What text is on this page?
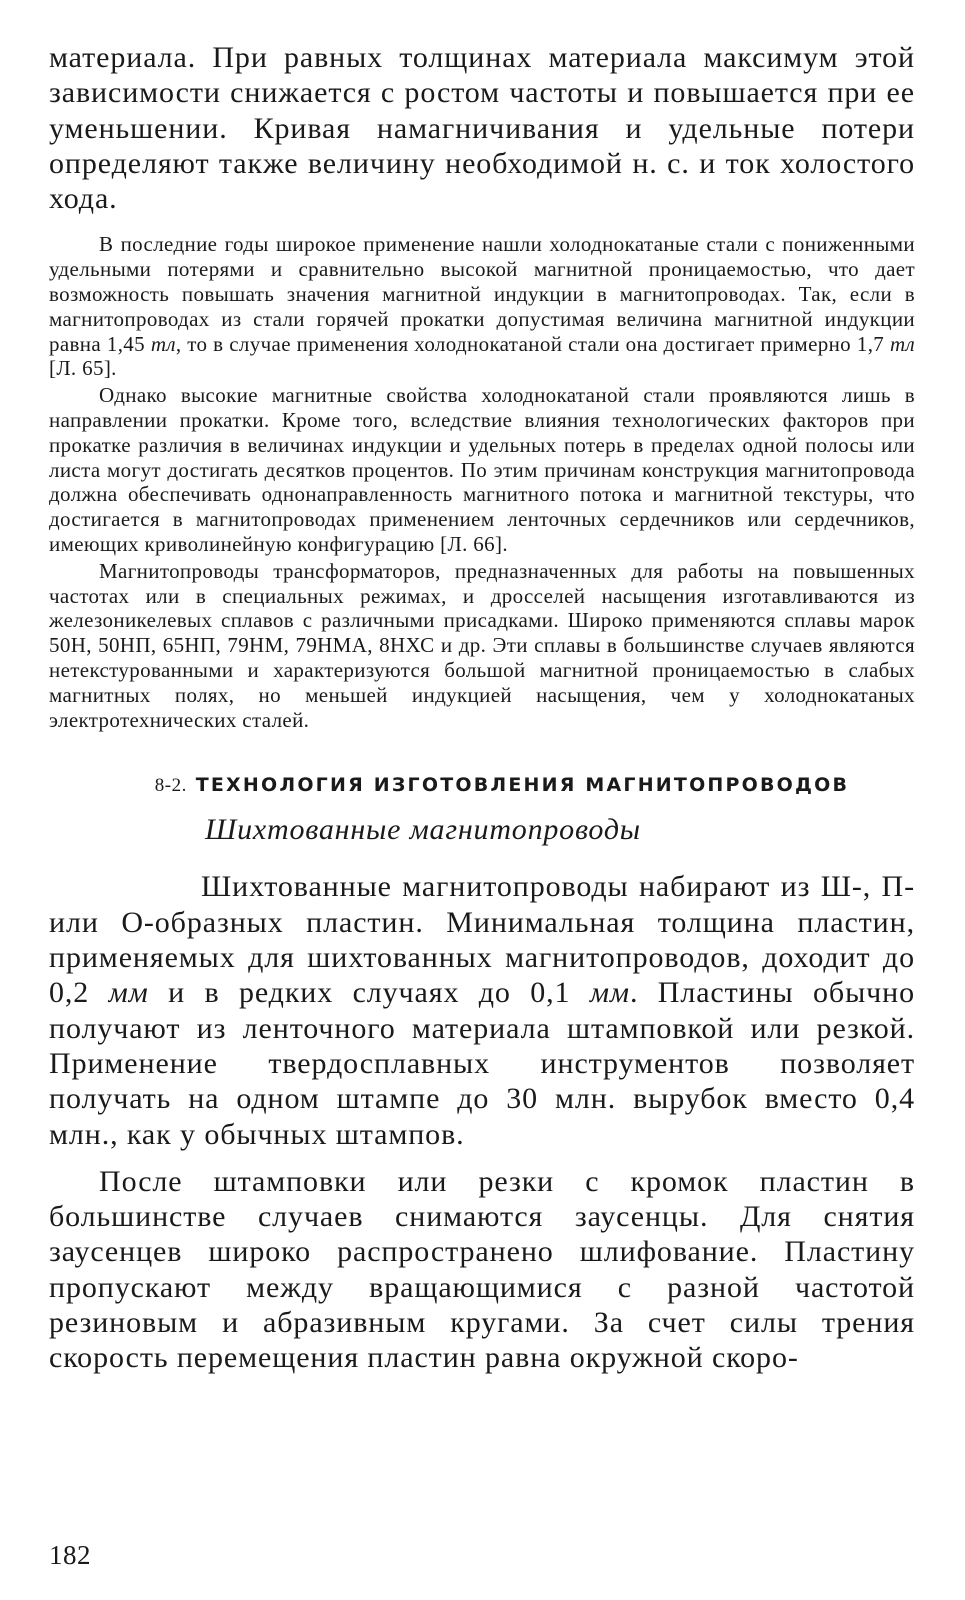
материала. При равных толщинах материала максимум этой зависимости снижается с ростом частоты и повышается при ее уменьшении. Кривая намагничивания и удельные потери определяют также величину необходимой н. с. и ток холостого хода.

В последние годы широкое применение нашли холоднокатаные стали с пониженными удельными потерями и сравнительно высокой магнитной проницаемостью, что дает возможность повышать значения магнитной индукции в магнитопроводах. Так, если в магнитопроводах из стали горячей прокатки допустимая величина магнитной индукции равна 1,45 тл, то в случае применения холоднокатаной стали она достигает примерно 1,7 тл [Л. 65].

Однако высокие магнитные свойства холоднокатаной стали проявляются лишь в направлении прокатки. Кроме того, вследствие влияния технологических факторов при прокатке различия в величинах индукции и удельных потерь в пределах одной полосы или листа могут достигать десятков процентов. По этим причинам конструкция магнитопровода должна обеспечивать однонаправленность магнитного потока и магнитной текстуры, что достигается в магнитопроводах применением ленточных сердечников или сердечников, имеющих криволинейную конфигурацию [Л. 66].

Магнитопроводы трансформаторов, предназначенных для работы на повышенных частотах или в специальных режимах, и дросселей насыщения изготавливаются из железоникелевых сплавов с различными присадками. Широко применяются сплавы марок 50Н, 50НП, 65НП, 79НМ, 79НМА, 8НХС и др. Эти сплавы в большинстве случаев являются нетекстурованными и характеризуются большой магнитной проницаемостью в слабых магнитных полях, но меньшей индукцией насыщения, чем у холоднокатаных электротехнических сталей.

8-2. ТЕХНОЛОГИЯ ИЗГОТОВЛЕНИЯ МАГНИТОПРОВОДОВ
Шихтованные магнитопроводы

Шихтованные магнитопроводы набирают из Ш-, П- или О-образных пластин. Минимальная толщина пластин, применяемых для шихтованных магнитопроводов, доходит до 0,2 мм и в редких случаях до 0,1 мм. Пластины обычно получают из ленточного материала штамповкой или резкой. Применение твердосплавных инструментов позволяет получать на одном штампе до 30 млн. вырубок вместо 0,4 млн., как у обычных штампов.

После штамповки или резки с кромок пластин в большинстве случаев снимаются заусенцы. Для снятия заусенцев широко распространено шлифование. Пластину пропускают между вращающимися с разной частотой резиновым и абразивным кругами. За счет силы трения скорость перемещения пластин равна окружной скоро-

182
